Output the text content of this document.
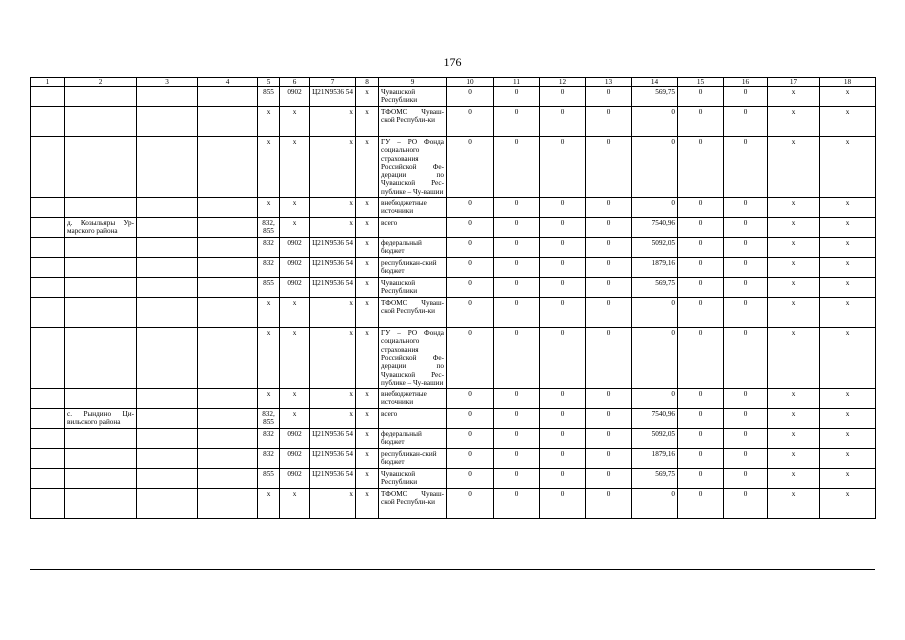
176
1	2	3	4	5	6	7	8	9	10	11	12	13	14	15	16	17	18
				855	0902	Ц21N9536 54	x	Чувашской Республики	0	0	0	0	569,75	0	0	x	x
				x	x	x	x	ТФОМС Чуваш-ской Республи-ки	0	0	0	0	0	0	0	x	x
				x	x	x	x	ГУ – РО Фонда социального страхования Российской Фе-дерации по Чувашской Рес-публике – Чу-вашии	0	0	0	0	0	0	0	x	x
				x	x	x	x	внебюджетные источники	0	0	0	0	0	0	0	x	x
	д. Козыльяры Ур-марского района			832, 855	x	x	x	всего	0	0	0	0	7540,96	0	0	x	x
				832	0902	Ц21N9536 54	x	федеральный бюджет	0	0	0	0	5092,05	0	0	x	x
				832	0902	Ц21N9536 54	x	республикан-ский бюджет	0	0	0	0	1879,16	0	0	x	x
				855	0902	Ц21N9536 54	x	Чувашской Республики	0	0	0	0	569,75	0	0	x	x
				x	x	x	x	ТФОМС Чуваш-ской Республи-ки	0	0	0	0	0	0	0	x	x
				x	x	x	x	ГУ – РО Фонда социального страхования Российской Фе-дерации по Чувашской Рес-публике – Чу-вашии	0	0	0	0	0	0	0	x	x
				x	x	x	x	внебюджетные источники	0	0	0	0	0	0	0	x	x
	с. Рындино Ци-вильского района			832, 855	x	x	x	всего	0	0	0	0	7540,96	0	0	x	x
				832	0902	Ц21N9536 54	x	федеральный бюджет	0	0	0	0	5092,05	0	0	x	x
				832	0902	Ц21N9536 54	x	республикан-ский бюджет	0	0	0	0	1879,16	0	0	x	x
				855	0902	Ц21N9536 54	x	Чувашской Республики	0	0	0	0	569,75	0	0	x	x
				x	x	x	x	ТФОМС Чуваш-ской Республи-ки	0	0	0	0	0	0	0	x	x
